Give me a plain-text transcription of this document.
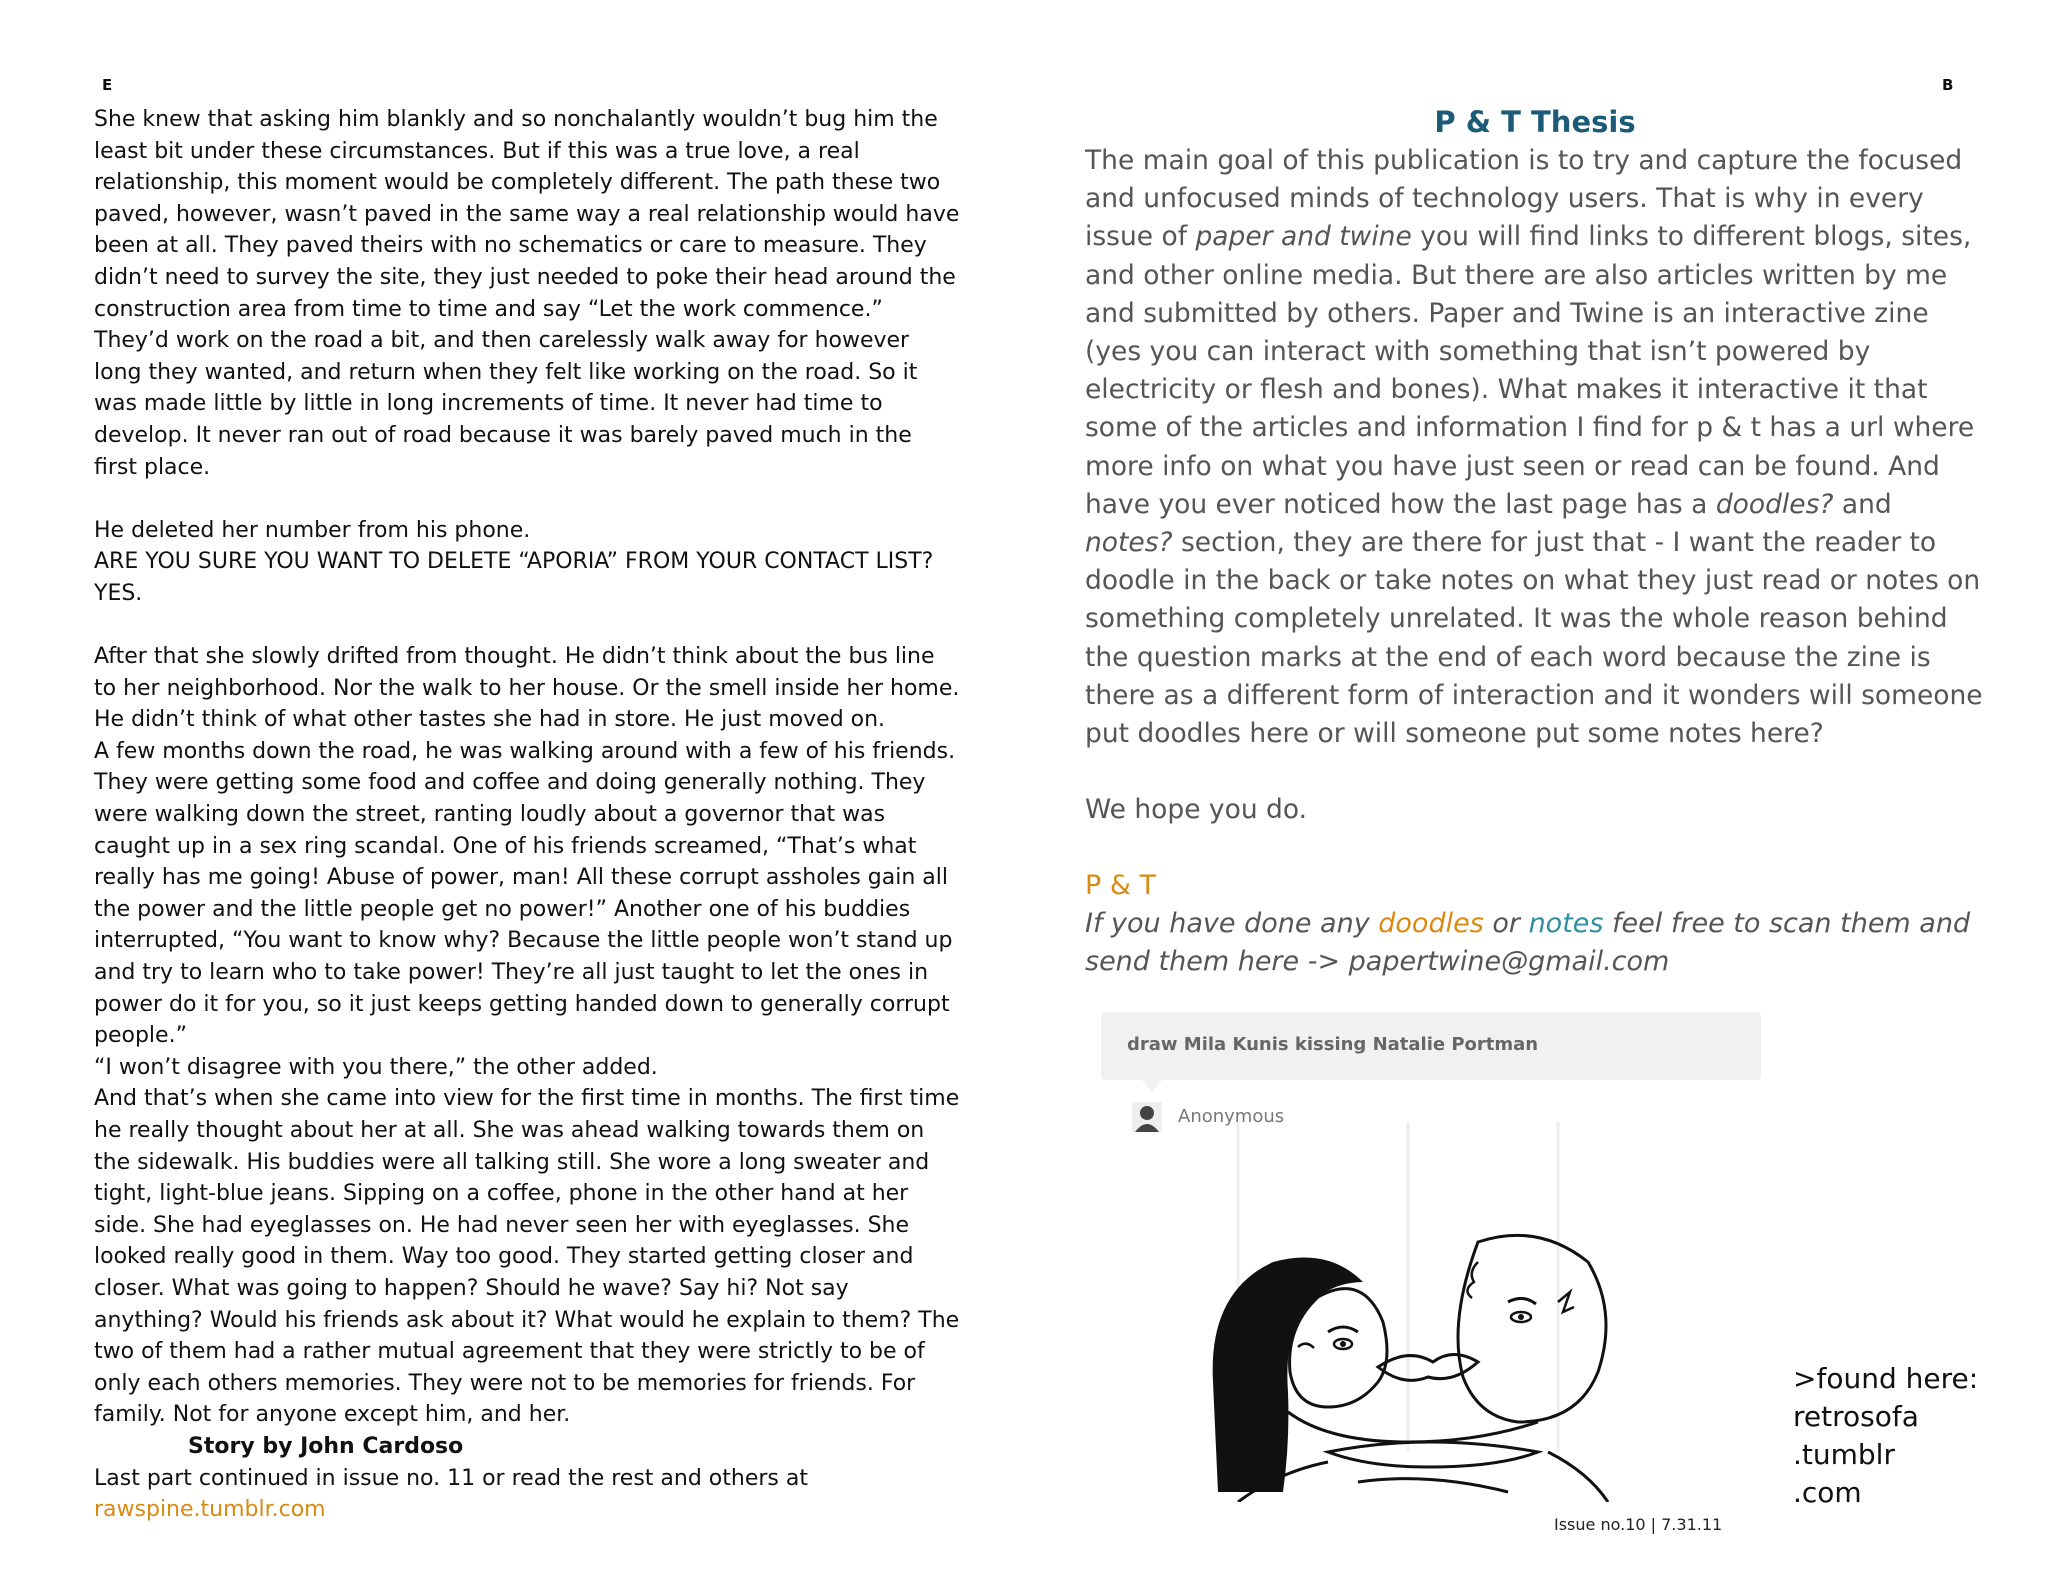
E	B

She knew that asking him blankly and so nonchalantly wouldn’t bug him the least bit under these circumstances. But if this was a true love, a real relationship, this moment would be completely different. The path these two paved, however, wasn’t paved in the same way a real relationship would have been at all. They paved theirs with no schematics or care to measure. They didn’t need to survey the site, they just needed to poke their head around the construction area from time to time and say “Let the work commence.” They’d work on the road a bit, and then carelessly walk away for however long they wanted, and return when they felt like working on the road. So it was made little by little in long increments of time. It never had time to develop. It never ran out of road because it was barely paved much in the first place.

He deleted her number from his phone.

ARE YOU SURE YOU WANT TO DELETE “APORIA” FROM YOUR CONTACT LIST?

YES.

After that she slowly drifted from thought. He didn’t think about the bus line to her neighborhood. Nor the walk to her house. Or the smell inside her home. He didn’t think of what other tastes she had in store. He just moved on.

A few months down the road, he was walking around with a few of his friends. They were getting some food and coffee and doing generally nothing. They were walking down the street, ranting loudly about a governor that was caught up in a sex ring scandal. One of his friends screamed, “That’s what really has me going! Abuse of power, man! All these corrupt assholes gain all the power and the little people get no power!” Another one of his buddies interrupted, “You want to know why? Because the little people won’t stand up and try to learn who to take power! They’re all just taught to let the ones in power do it for you, so it just keeps getting handed down to generally corrupt people.”

“I won’t disagree with you there,” the other added.

And that’s when she came into view for the first time in months. The first time he really thought about her at all. She was ahead walking towards them on the sidewalk. His buddies were all talking still. She wore a long sweater and tight, light-blue jeans. Sipping on a coffee, phone in the other hand at her side. She had eyeglasses on. He had never seen her with eyeglasses. She looked really good in them. Way too good. They started getting closer and closer. What was going to happen? Should he wave? Say hi? Not say anything? Would his friends ask about it? What would he explain to them? The two of them had a rather mutual agreement that they were strictly to be of only each others memories. They were not to be memories for friends. For family. Not for anyone except him, and her.

Story by John Cardoso

Last part continued in issue no. 11 or read the rest and others at

rawspine.tumblr.com

P & T Thesis

The main goal of this publication is to try and capture the focused and unfocused minds of technology users. That is why in every issue of paper and twine you will find links to different blogs, sites, and other online media. But there are also articles written by me and submitted by others. Paper and Twine is an interactive zine (yes you can interact with something that isn’t powered by electricity or flesh and bones). What makes it interactive it that some of the articles and information I find for p & t has a url where more info on what you have just seen or read can be found. And have you ever noticed how the last page has a doodles? and notes? section, they are there for just that - I want the reader to doodle in the back or take notes on what they just read or notes on something completely unrelated. It was the whole reason behind the question marks at the end of each word because the zine is there as a different form of interaction and it wonders will someone put doodles here or will someone put some notes here?

We hope you do.

P & T

If you have done any doodles or notes feel free to scan them and send them here -> papertwine@gmail.com

draw Mila Kunis kissing Natalie Portman
Anonymous
>found here:
retrosofa
.tumblr
.com
Issue no.10 | 7.31.11
